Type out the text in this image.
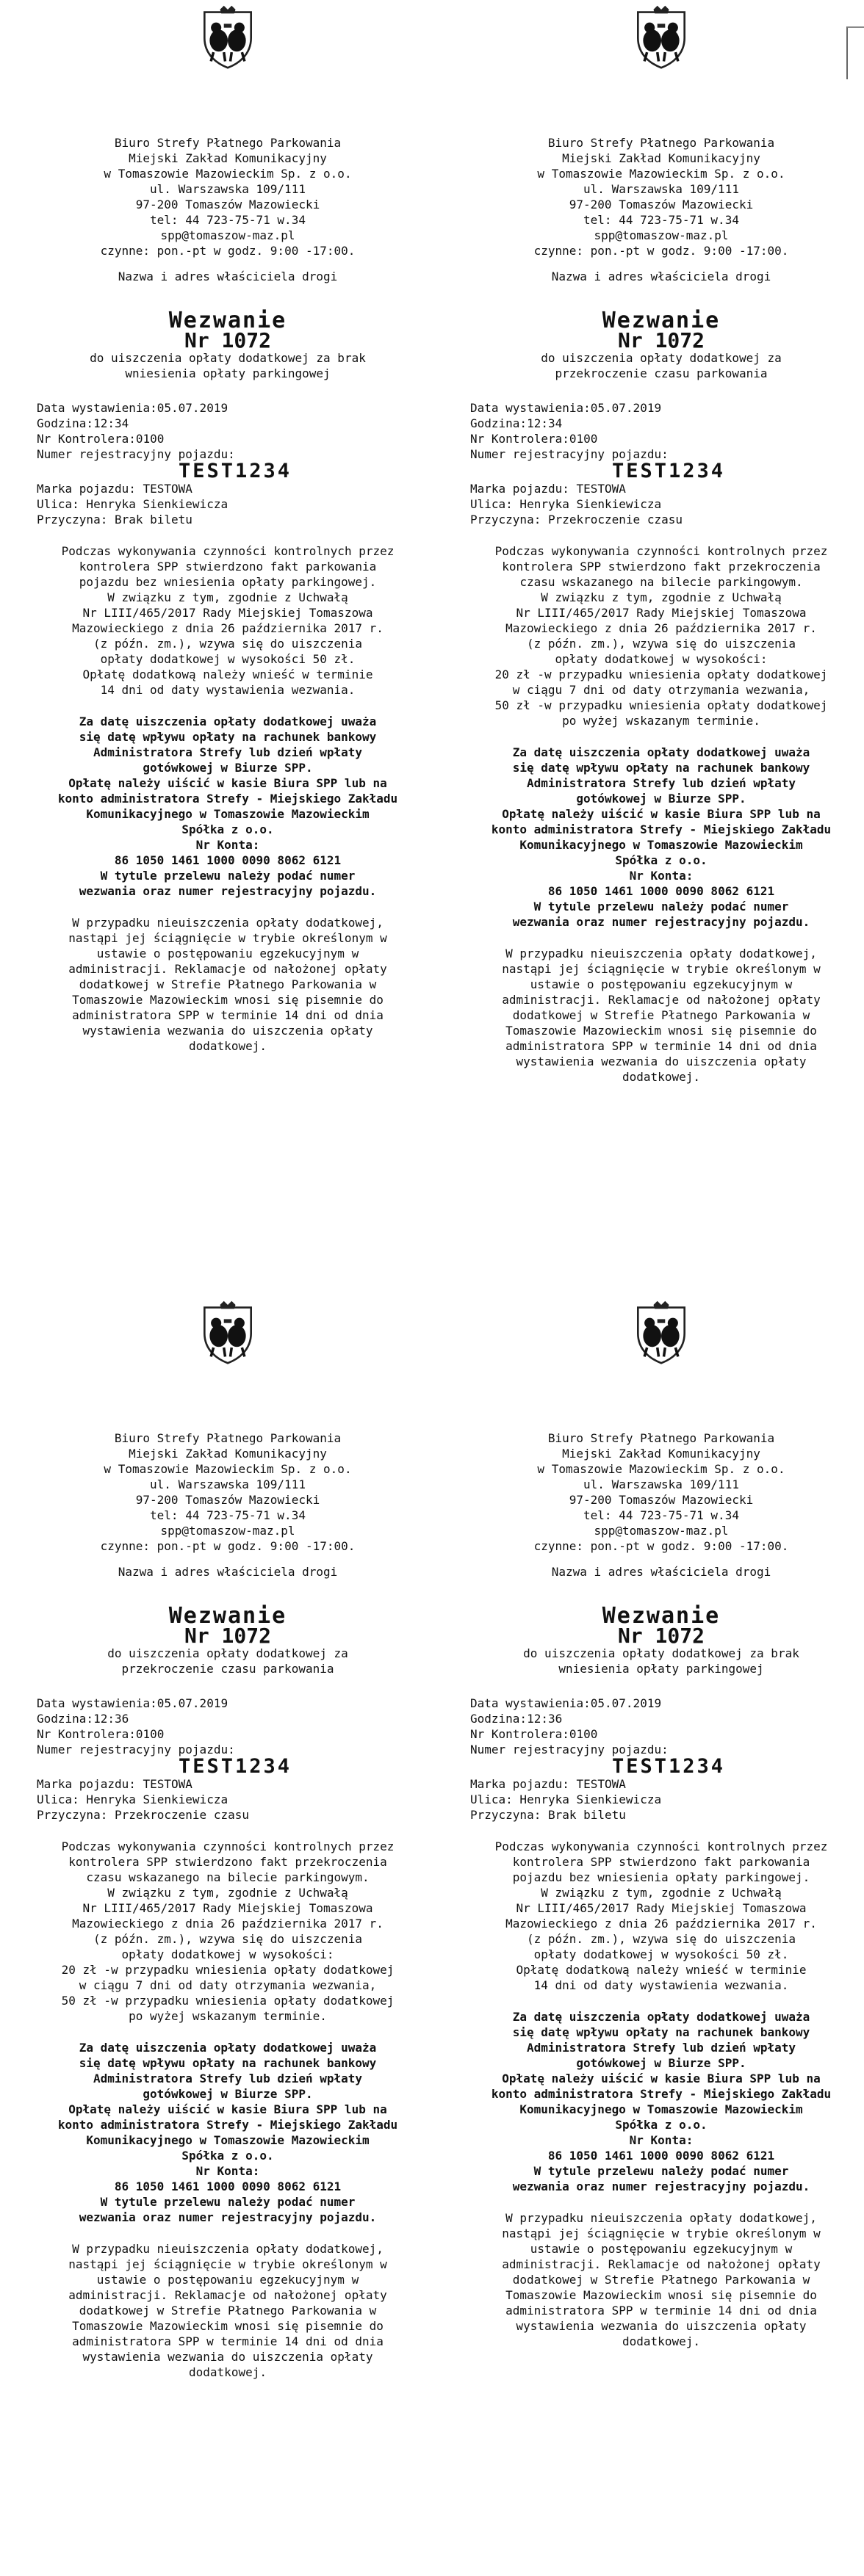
Biuro Strefy Płatnego Parkowania
Miejski Zakład Komunikacyjny
w Tomaszowie Mazowieckim Sp. z o.o.
ul. Warszawska 109/111
97-200 Tomaszów Mazowiecki
tel: 44 723-75-71 w.34
spp@tomaszow-maz.pl
czynne: pon.-pt w godz. 9:00 -17:00.
Nazwa i adres właściciela drogi
Wezwanie
Nr 1072
do uiszczenia opłaty dodatkowej za brak
wniesienia opłaty parkingowej
Data wystawienia:05.07.2019
Godzina:12:34
Nr Kontrolera:0100
Numer rejestracyjny pojazdu:
TEST1234
Marka pojazdu: TESTOWA
Ulica: Henryka Sienkiewicza
Przyczyna: Brak biletu
Podczas wykonywania czynności kontrolnych przez
kontrolera SPP stwierdzono fakt parkowania
pojazdu bez wniesienia opłaty parkingowej.
W związku z tym, zgodnie z Uchwałą
Nr LIII/465/2017 Rady Miejskiej Tomaszowa
Mazowieckiego z dnia 26 października 2017 r.
(z późn. zm.), wzywa się do uiszczenia
opłaty dodatkowej w wysokości 50 zł.
Opłatę dodatkową należy wnieść w terminie
14 dni od daty wystawienia wezwania.
Za datę uiszczenia opłaty dodatkowej uważa
się datę wpływu opłaty na rachunek bankowy
Administratora Strefy lub dzień wpłaty
gotówkowej w Biurze SPP.
Opłatę należy uiścić w kasie Biura SPP lub na
konto administratora Strefy - Miejskiego Zakładu
Komunikacyjnego w Tomaszowie Mazowieckim
Spółka z o.o.
Nr Konta:
86 1050 1461 1000 0090 8062 6121
W tytule przelewu należy podać numer
wezwania oraz numer rejestracyjny pojazdu.
W przypadku nieuiszczenia opłaty dodatkowej,
nastąpi jej ściągnięcie w trybie określonym w
ustawie o postępowaniu egzekucyjnym w
administracji. Reklamacje od nałożonej opłaty
dodatkowej w Strefie Płatnego Parkowania w
Tomaszowie Mazowieckim wnosi się pisemnie do
administratora SPP w terminie 14 dni od dnia
wystawienia wezwania do uiszczenia opłaty
dodatkowej.
Biuro Strefy Płatnego Parkowania
Miejski Zakład Komunikacyjny
w Tomaszowie Mazowieckim Sp. z o.o.
ul. Warszawska 109/111
97-200 Tomaszów Mazowiecki
tel: 44 723-75-71 w.34
spp@tomaszow-maz.pl
czynne: pon.-pt w godz. 9:00 -17:00.
Nazwa i adres właściciela drogi
Wezwanie
Nr 1072
do uiszczenia opłaty dodatkowej za
przekroczenie czasu parkowania
Data wystawienia:05.07.2019
Godzina:12:34
Nr Kontrolera:0100
Numer rejestracyjny pojazdu:
TEST1234
Marka pojazdu: TESTOWA
Ulica: Henryka Sienkiewicza
Przyczyna: Przekroczenie czasu
Podczas wykonywania czynności kontrolnych przez
kontrolera SPP stwierdzono fakt przekroczenia
czasu wskazanego na bilecie parkingowym.
W związku z tym, zgodnie z Uchwałą
Nr LIII/465/2017 Rady Miejskiej Tomaszowa
Mazowieckiego z dnia 26 października 2017 r.
(z późn. zm.), wzywa się do uiszczenia
opłaty dodatkowej w wysokości:
20 zł -w przypadku wniesienia opłaty dodatkowej
w ciągu 7 dni od daty otrzymania wezwania,
50 zł -w przypadku wniesienia opłaty dodatkowej
po wyżej wskazanym terminie.
Za datę uiszczenia opłaty dodatkowej uważa
się datę wpływu opłaty na rachunek bankowy
Administratora Strefy lub dzień wpłaty
gotówkowej w Biurze SPP.
Opłatę należy uiścić w kasie Biura SPP lub na
konto administratora Strefy - Miejskiego Zakładu
Komunikacyjnego w Tomaszowie Mazowieckim
Spółka z o.o.
Nr Konta:
86 1050 1461 1000 0090 8062 6121
W tytule przelewu należy podać numer
wezwania oraz numer rejestracyjny pojazdu.
W przypadku nieuiszczenia opłaty dodatkowej,
nastąpi jej ściągnięcie w trybie określonym w
ustawie o postępowaniu egzekucyjnym w
administracji. Reklamacje od nałożonej opłaty
dodatkowej w Strefie Płatnego Parkowania w
Tomaszowie Mazowieckim wnosi się pisemnie do
administratora SPP w terminie 14 dni od dnia
wystawienia wezwania do uiszczenia opłaty
dodatkowej.
Biuro Strefy Płatnego Parkowania
Miejski Zakład Komunikacyjny
w Tomaszowie Mazowieckim Sp. z o.o.
ul. Warszawska 109/111
97-200 Tomaszów Mazowiecki
tel: 44 723-75-71 w.34
spp@tomaszow-maz.pl
czynne: pon.-pt w godz. 9:00 -17:00.
Nazwa i adres właściciela drogi
Wezwanie
Nr 1072
do uiszczenia opłaty dodatkowej za
przekroczenie czasu parkowania
Data wystawienia:05.07.2019
Godzina:12:36
Nr Kontrolera:0100
Numer rejestracyjny pojazdu:
TEST1234
Marka pojazdu: TESTOWA
Ulica: Henryka Sienkiewicza
Przyczyna: Przekroczenie czasu
Podczas wykonywania czynności kontrolnych przez
kontrolera SPP stwierdzono fakt przekroczenia
czasu wskazanego na bilecie parkingowym.
W związku z tym, zgodnie z Uchwałą
Nr LIII/465/2017 Rady Miejskiej Tomaszowa
Mazowieckiego z dnia 26 października 2017 r.
(z późn. zm.), wzywa się do uiszczenia
opłaty dodatkowej w wysokości:
20 zł -w przypadku wniesienia opłaty dodatkowej
w ciągu 7 dni od daty otrzymania wezwania,
50 zł -w przypadku wniesienia opłaty dodatkowej
po wyżej wskazanym terminie.
Za datę uiszczenia opłaty dodatkowej uważa
się datę wpływu opłaty na rachunek bankowy
Administratora Strefy lub dzień wpłaty
gotówkowej w Biurze SPP.
Opłatę należy uiścić w kasie Biura SPP lub na
konto administratora Strefy - Miejskiego Zakładu
Komunikacyjnego w Tomaszowie Mazowieckim
Spółka z o.o.
Nr Konta:
86 1050 1461 1000 0090 8062 6121
W tytule przelewu należy podać numer
wezwania oraz numer rejestracyjny pojazdu.
W przypadku nieuiszczenia opłaty dodatkowej,
nastąpi jej ściągnięcie w trybie określonym w
ustawie o postępowaniu egzekucyjnym w
administracji. Reklamacje od nałożonej opłaty
dodatkowej w Strefie Płatnego Parkowania w
Tomaszowie Mazowieckim wnosi się pisemnie do
administratora SPP w terminie 14 dni od dnia
wystawienia wezwania do uiszczenia opłaty
dodatkowej.
Biuro Strefy Płatnego Parkowania
Miejski Zakład Komunikacyjny
w Tomaszowie Mazowieckim Sp. z o.o.
ul. Warszawska 109/111
97-200 Tomaszów Mazowiecki
tel: 44 723-75-71 w.34
spp@tomaszow-maz.pl
czynne: pon.-pt w godz. 9:00 -17:00.
Nazwa i adres właściciela drogi
Wezwanie
Nr 1072
do uiszczenia opłaty dodatkowej za brak
wniesienia opłaty parkingowej
Data wystawienia:05.07.2019
Godzina:12:36
Nr Kontrolera:0100
Numer rejestracyjny pojazdu:
TEST1234
Marka pojazdu: TESTOWA
Ulica: Henryka Sienkiewicza
Przyczyna: Brak biletu
Podczas wykonywania czynności kontrolnych przez
kontrolera SPP stwierdzono fakt parkowania
pojazdu bez wniesienia opłaty parkingowej.
W związku z tym, zgodnie z Uchwałą
Nr LIII/465/2017 Rady Miejskiej Tomaszowa
Mazowieckiego z dnia 26 października 2017 r.
(z późn. zm.), wzywa się do uiszczenia
opłaty dodatkowej w wysokości 50 zł.
Opłatę dodatkową należy wnieść w terminie
14 dni od daty wystawienia wezwania.
Za datę uiszczenia opłaty dodatkowej uważa
się datę wpływu opłaty na rachunek bankowy
Administratora Strefy lub dzień wpłaty
gotówkowej w Biurze SPP.
Opłatę należy uiścić w kasie Biura SPP lub na
konto administratora Strefy - Miejskiego Zakładu
Komunikacyjnego w Tomaszowie Mazowieckim
Spółka z o.o.
Nr Konta:
86 1050 1461 1000 0090 8062 6121
W tytule przelewu należy podać numer
wezwania oraz numer rejestracyjny pojazdu.
W przypadku nieuiszczenia opłaty dodatkowej,
nastąpi jej ściągnięcie w trybie określonym w
ustawie o postępowaniu egzekucyjnym w
administracji. Reklamacje od nałożonej opłaty
dodatkowej w Strefie Płatnego Parkowania w
Tomaszowie Mazowieckim wnosi się pisemnie do
administratora SPP w terminie 14 dni od dnia
wystawienia wezwania do uiszczenia opłaty
dodatkowej.
